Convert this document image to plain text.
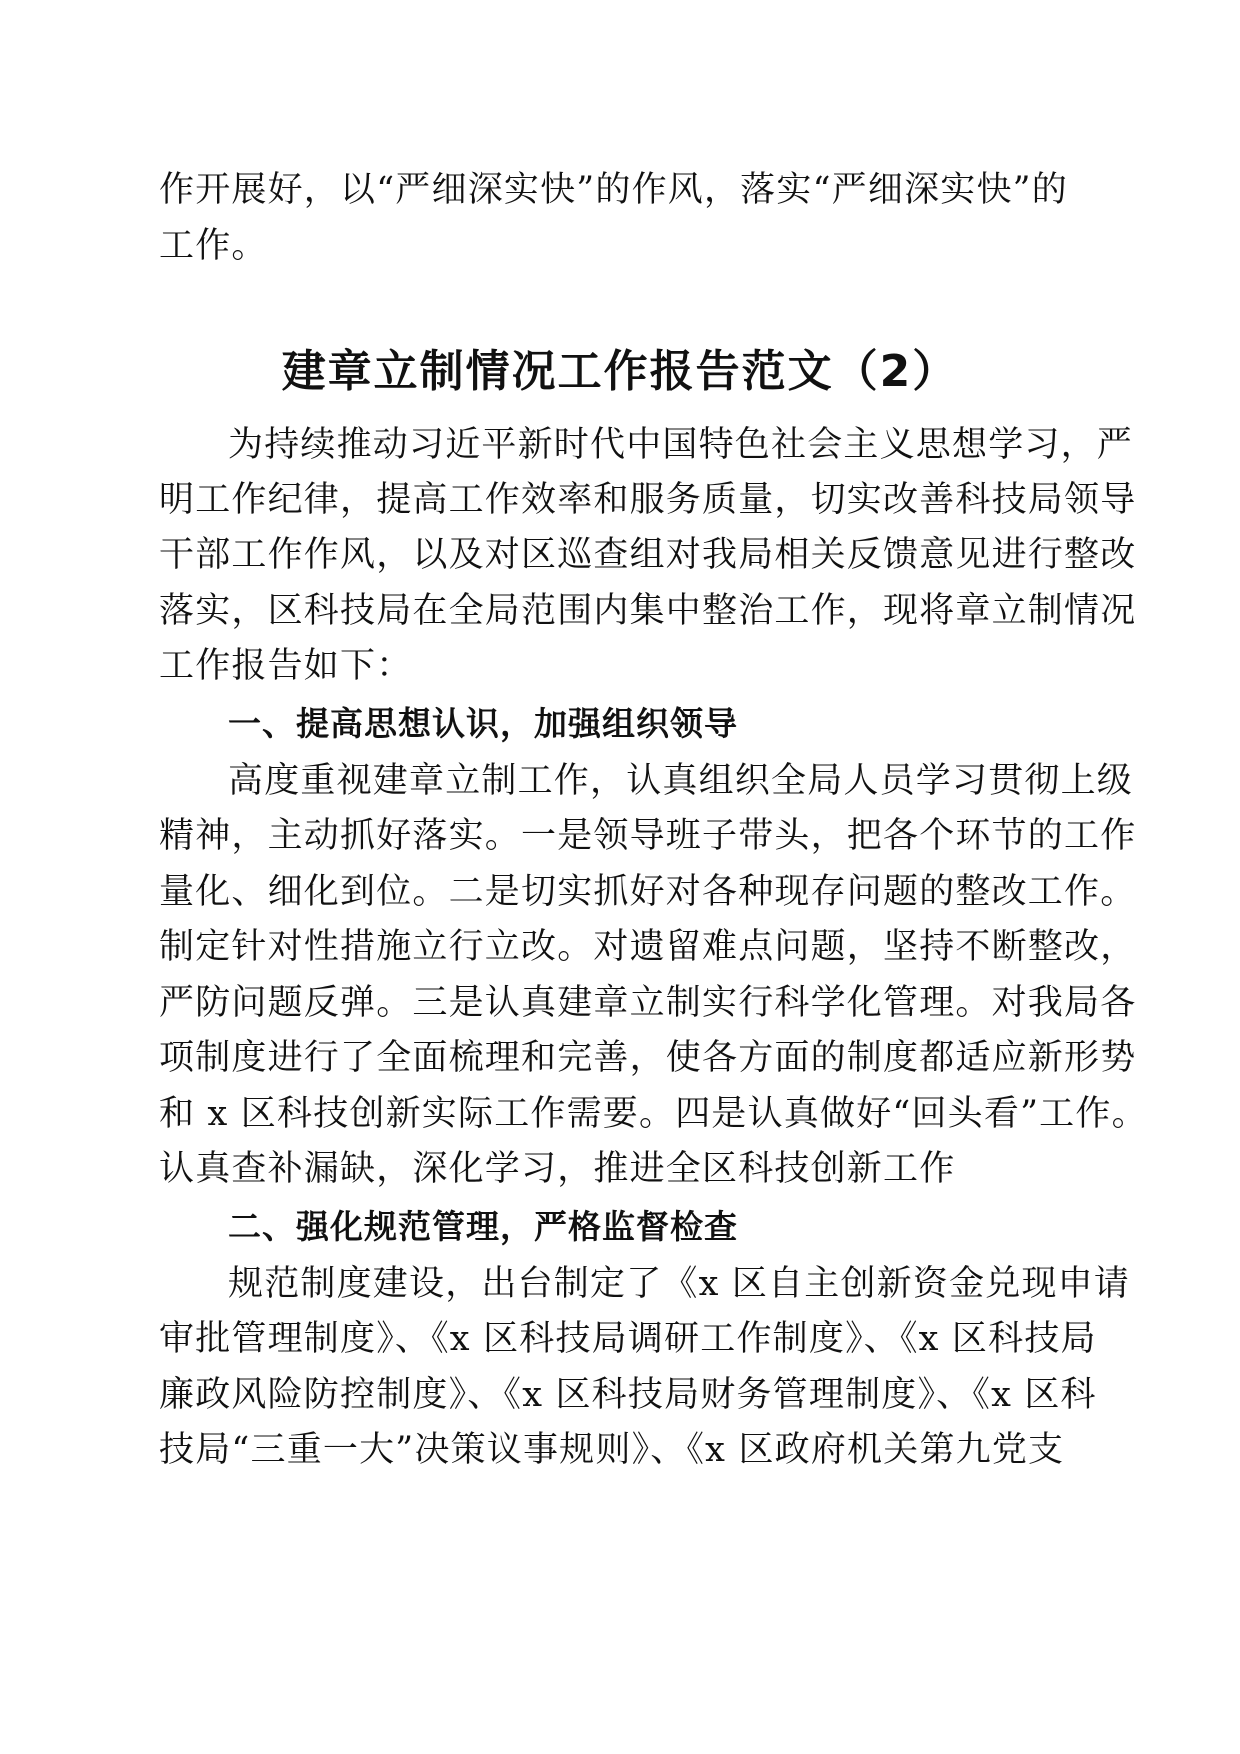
作开展好，以“严细深实快”的作风，落实“严细深实快”的
工作。
建章立制情况工作报告范文（2）
为持续推动习近平新时代中国特色社会主义思想学习，严
明工作纪律，提高工作效率和服务质量，切实改善科技局领导
干部工作作风，以及对区巡查组对我局相关反馈意见进行整改
落实，区科技局在全局范围内集中整治工作，现将章立制情况
工作报告如下：
一、提高思想认识，加强组织领导
高度重视建章立制工作，认真组织全局人员学习贯彻上级
精神，主动抓好落实。一是领导班子带头，把各个环节的工作
量化、细化到位。二是切实抓好对各种现存问题的整改工作。
制定针对性措施立行立改。对遗留难点问题，坚持不断整改，
严防问题反弹。三是认真建章立制实行科学化管理。对我局各
项制度进行了全面梳理和完善，使各方面的制度都适应新形势
和 x 区科技创新实际工作需要。四是认真做好“回头看”工作。
认真查补漏缺，深化学习，推进全区科技创新工作
二、强化规范管理，严格监督检查
规范制度建设，出台制定了《x 区自主创新资金兑现申请
审批管理制度》、《x 区科技局调研工作制度》、《x 区科技局
廉政风险防控制度》、《x 区科技局财务管理制度》、《x 区科
技局“三重一大”决策议事规则》、《x 区政府机关第九党支
